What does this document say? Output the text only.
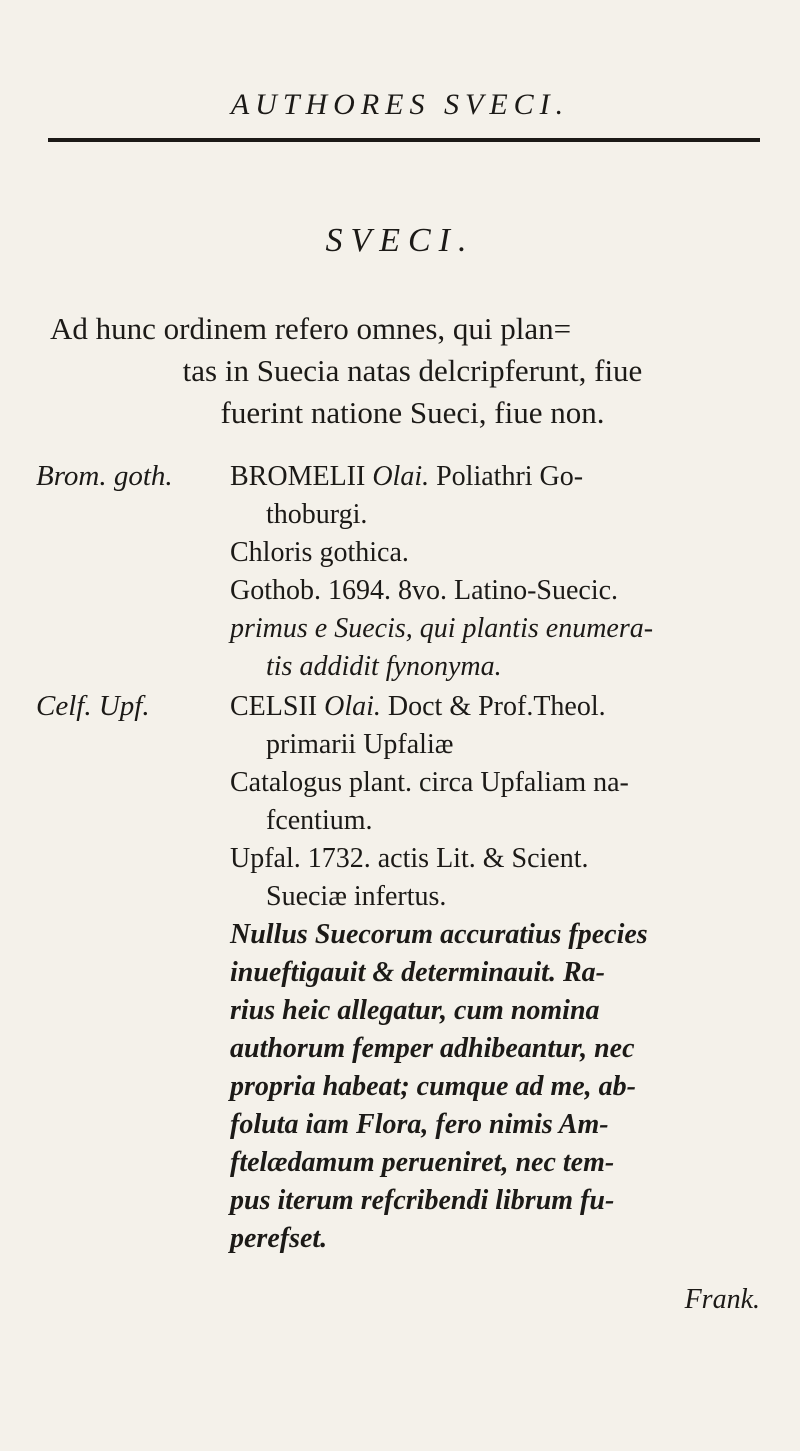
AUTHORES SVECI.
SVECI.
Ad hunc ordinem refero omnes, qui plan=
tas in Suecia natas delcripferunt, fiue
fuerint natione Sueci, fiue non.
Brom. goth. BROMELII Olai. Poliathri Go-
thoburgi.
Chloris gothica.
Gothob. 1694. 8vo. Latino-Suecic.
primus e Suecis, qui plantis enumera-
tis addidit fynonyma.
Celf. Upf.	CELSII Olai. Doct & Prof.Theol.
primarii Upfaliæ
Catalogus plant. circa Upfaliam na-
fcentium.
Upfal. 1732. actis Lit. & Scient.
Sueciæ infertus.
Nullus Suecorum accuratius fpecies
inueftigauit & determinauit. Ra-
rius heic allegatur, cum nomina
authorum femper adhibeantur, nec
propria habeat; cumque ad me, ab-
foluta iam Flora, fero nimis Am-
ftelædamum perueniret, nec tem-
pus iterum refcribendi librum fu-
perefset.
Frank.
